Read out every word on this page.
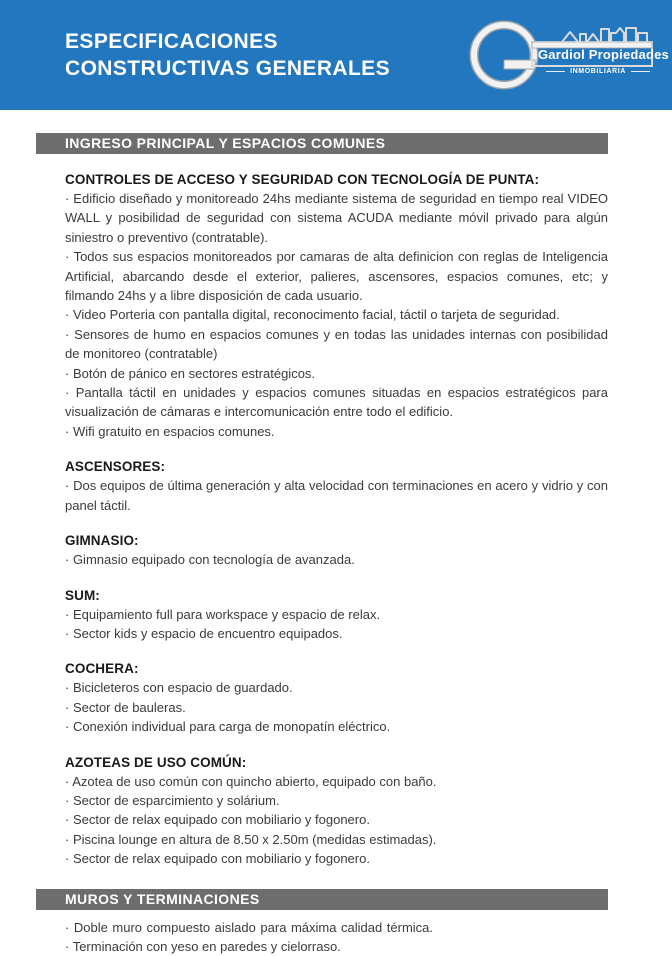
ESPECIFICACIONES
CONSTRUCTIVAS GENERALES
Gardiol Propiedades
INMOBILIARIA
INGRESO PRINCIPAL Y ESPACIOS COMUNES

CONTROLES DE ACCESO Y SEGURIDAD CON TECNOLOGÍA DE PUNTA:

· Edificio diseñado y monitoreado 24hs mediante sistema de seguridad en tiempo real VIDEO WALL y posibilidad de seguridad con sistema ACUDA mediante móvil privado para algún siniestro o preventivo (contratable).

· Todos sus espacios monitoreados por camaras de alta definicion con reglas de Inteligencia Artificial, abarcando desde el exterior, palieres, ascensores, espacios comunes, etc; y filmando 24hs y a libre disposición de cada usuario.

· Video Porteria con pantalla digital, reconocimento facial, táctil o tarjeta de seguridad.

· Sensores de humo en espacios comunes y en todas las unidades internas con posibilidad de monitoreo (contratable)

· Botón de pánico en sectores estratégicos.

· Pantalla táctil en unidades y espacios comunes situadas en espacios estratégicos para visualización de cámaras e intercomunicación entre todo el edificio.

· Wifi gratuito en espacios comunes.

ASCENSORES:

· Dos equipos de última generación y alta velocidad con terminaciones en acero y vidrio y con panel táctil.

GIMNASIO:

· Gimnasio equipado con tecnología de avanzada.

SUM:

· Equipamiento full para workspace y espacio de relax.

· Sector kids y espacio de encuentro equipados.

COCHERA:

· Bicicleteros con espacio de guardado.

· Sector de bauleras.

· Conexión individual para carga de monopatín eléctrico.

AZOTEAS DE USO COMÚN:

· Azotea de uso común con quincho abierto, equipado con baño.

· Sector de esparcimiento y solárium.

· Sector de relax equipado con mobiliario y fogonero.

· Piscina lounge en altura de 8.50 x 2.50m (medidas estimadas).

· Sector de relax equipado con mobiliario y fogonero.

MUROS Y TERMINACIONES

· Doble muro compuesto aislado para máxima calidad térmica. · Terminación con yeso en paredes y cielorraso.
